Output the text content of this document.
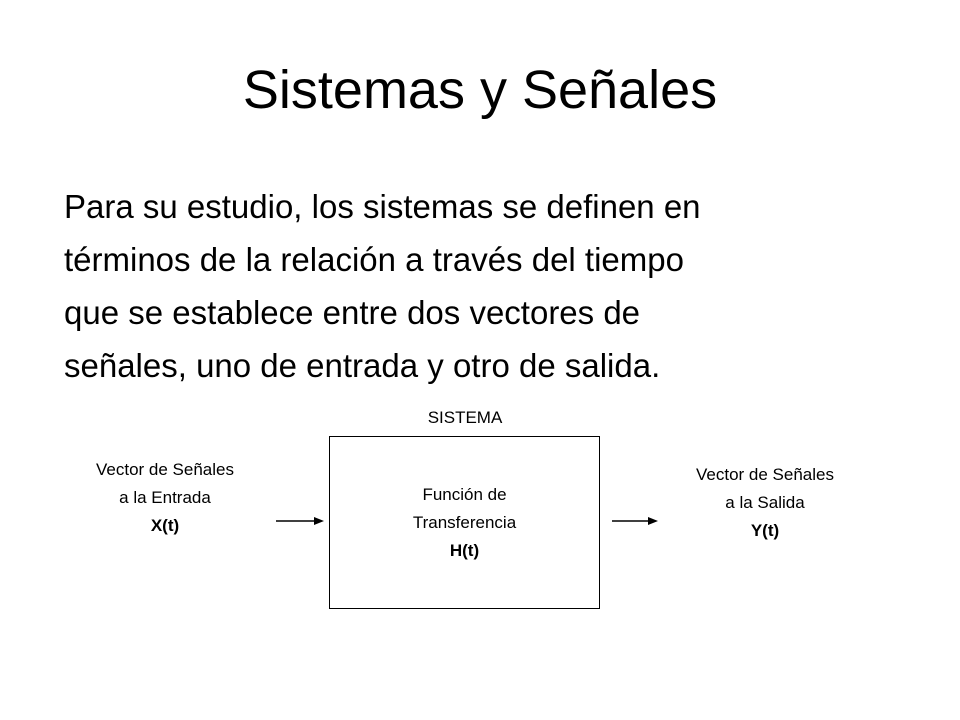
Sistemas y Señales
Para su estudio, los sistemas se definen en
términos de la relación a través del tiempo
que se establece entre dos vectores de
señales, uno de entrada y otro de salida.
SISTEMA
Función de
Transferencia
H(t)
Vector de Señales
a la Entrada
X(t)
Vector de Señales
a la Salida
Y(t)
